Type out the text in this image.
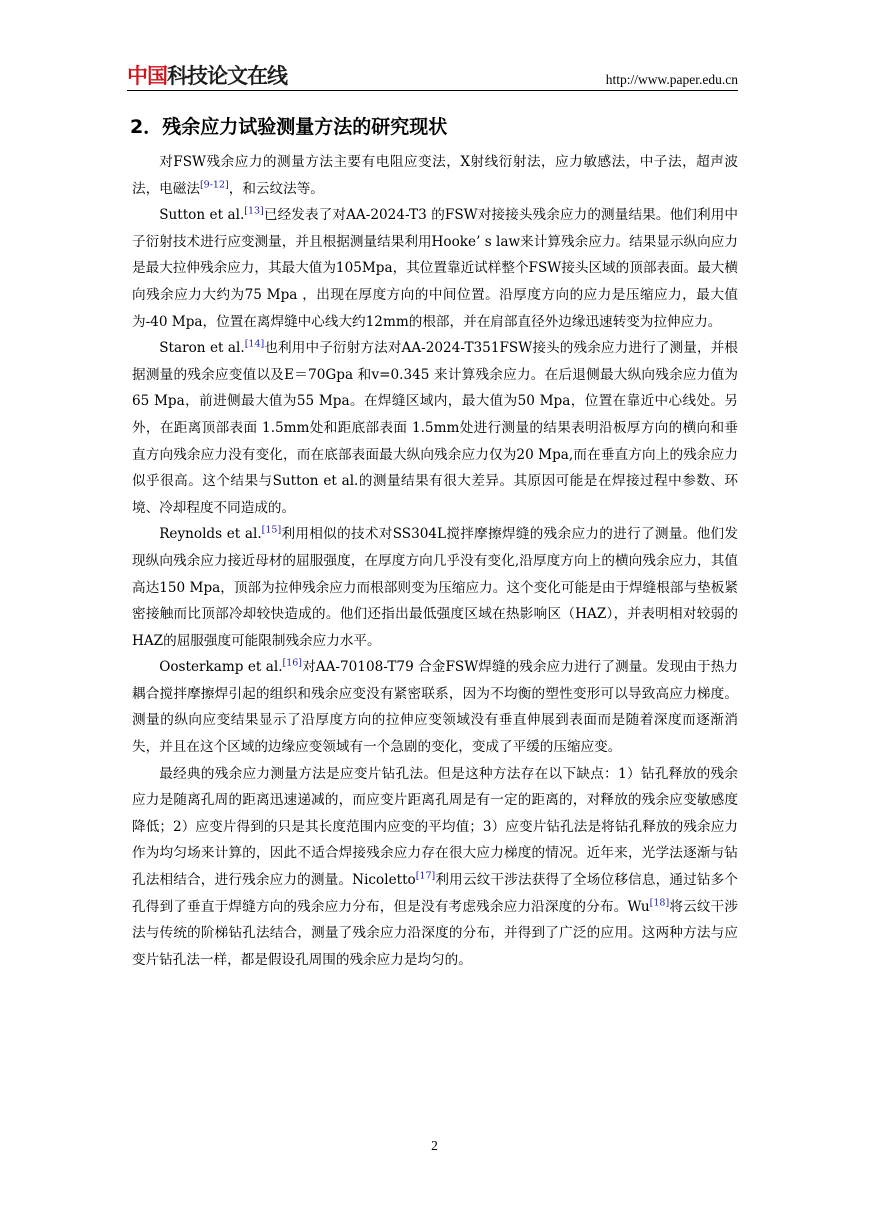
中国科技论文在线	http://www.paper.edu.cn
2．残余应力试验测量方法的研究现状

对FSW残余应力的测量方法主要有电阻应变法，X射线衍射法，应力敏感法，中子法，超声波法，电磁法[9-12]，和云纹法等。

Sutton et al.[13]已经发表了对AA-2024-T3 的FSW对接接头残余应力的测量结果。他们利用中子衍射技术进行应变测量，并且根据测量结果利用Hooke’ s law来计算残余应力。结果显示纵向应力是最大拉伸残余应力，其最大值为105Mpa，其位置靠近试样整个FSW接头区域的顶部表面。最大横向残余应力大约为75 Mpa ，出现在厚度方向的中间位置。沿厚度方向的应力是压缩应力，最大值为-40 Mpa，位置在离焊缝中心线大约12mm的根部，并在肩部直径外边缘迅速转变为拉伸应力。

Staron et al.[14]也利用中子衍射方法对AA-2024-T351FSW接头的残余应力进行了测量，并根据测量的残余应变值以及E＝70Gpa 和v=0.345 来计算残余应力。在后退侧最大纵向残余应力值为65 Mpa，前进侧最大值为55 Mpa。在焊缝区域内，最大值为50 Mpa，位置在靠近中心线处。另外，在距离顶部表面 1.5mm处和距底部表面 1.5mm处进行测量的结果表明沿板厚方向的横向和垂直方向残余应力没有变化，而在底部表面最大纵向残余应力仅为20 Mpa,而在垂直方向上的残余应力似乎很高。这个结果与Sutton et al.的测量结果有很大差异。其原因可能是在焊接过程中参数、环境、冷却程度不同造成的。

Reynolds et al.[15]利用相似的技术对SS304L搅拌摩擦焊缝的残余应力的进行了测量。他们发现纵向残余应力接近母材的屈服强度，在厚度方向几乎没有变化,沿厚度方向上的横向残余应力，其值高达150 Mpa，顶部为拉伸残余应力而根部则变为压缩应力。这个变化可能是由于焊缝根部与垫板紧密接触而比顶部冷却较快造成的。他们还指出最低强度区域在热影响区（HAZ），并表明相对较弱的HAZ的屈服强度可能限制残余应力水平。

Oosterkamp et al.[16]对AA-70108-T79 合金FSW焊缝的残余应力进行了测量。发现由于热力耦合搅拌摩擦焊引起的组织和残余应变没有紧密联系，因为不均衡的塑性变形可以导致高应力梯度。测量的纵向应变结果显示了沿厚度方向的拉伸应变领域没有垂直伸展到表面而是随着深度而逐渐消失，并且在这个区域的边缘应变领域有一个急剧的变化，变成了平缓的压缩应变。

最经典的残余应力测量方法是应变片钻孔法。但是这种方法存在以下缺点：1）钻孔释放的残余应力是随离孔周的距离迅速递减的，而应变片距离孔周是有一定的距离的，对释放的残余应变敏感度降低；2）应变片得到的只是其长度范围内应变的平均值；3）应变片钻孔法是将钻孔释放的残余应力作为均匀场来计算的，因此不适合焊接残余应力存在很大应力梯度的情况。近年来，光学法逐渐与钻孔法相结合，进行残余应力的测量。Nicoletto[17]利用云纹干涉法获得了全场位移信息，通过钻多个孔得到了垂直于焊缝方向的残余应力分布，但是没有考虑残余应力沿深度的分布。Wu[18]将云纹干涉法与传统的阶梯钻孔法结合，测量了残余应力沿深度的分布，并得到了广泛的应用。这两种方法与应变片钻孔法一样，都是假设孔周围的残余应力是均匀的。

2
